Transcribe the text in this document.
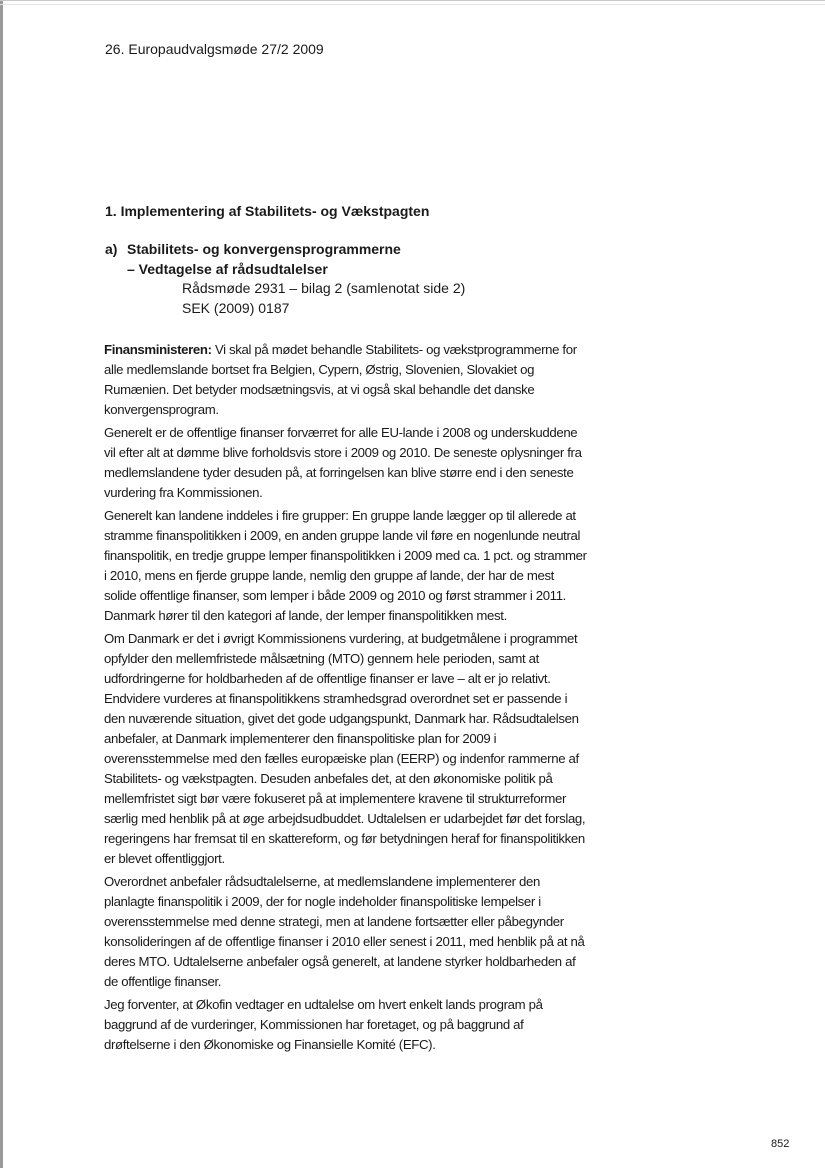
26. Europaudvalgsmøde 27/2 2009
1. Implementering af Stabilitets- og Vækstpagten
a) Stabilitets- og konvergensprogrammerne
– Vedtagelse af rådsudtalelser
Rådsmøde 2931 – bilag 2 (samlenotat side 2)
SEK (2009) 0187

Finansministeren: Vi skal på mødet behandle Stabilitets- og vækstprogrammerne for alle medlemslande bortset fra Belgien, Cypern, Østrig, Slovenien, Slovakiet og Rumænien. Det betyder modsætningsvis, at vi også skal behandle det danske konvergensprogram.

Generelt er de offentlige finanser forværret for alle EU-lande i 2008 og underskuddene vil efter alt at dømme blive forholdsvis store i 2009 og 2010. De seneste oplysninger fra medlemslandene tyder desuden på, at forringelsen kan blive større end i den seneste vurdering fra Kommissionen.

Generelt kan landene inddeles i fire grupper: En gruppe lande lægger op til allerede at stramme finanspolitikken i 2009, en anden gruppe lande vil føre en nogenlunde neutral finanspolitik, en tredje gruppe lemper finanspolitikken i 2009 med ca. 1 pct. og strammer i 2010, mens en fjerde gruppe lande, nemlig den gruppe af lande, der har de mest solide offentlige finanser, som lemper i både 2009 og 2010 og først strammer i 2011. Danmark hører til den kategori af lande, der lemper finanspolitikken mest.

Om Danmark er det i øvrigt Kommissionens vurdering, at budgetmålene i programmet opfylder den mellemfristede målsætning (MTO) gennem hele perioden, samt at udfordringerne for holdbarheden af de offentlige finanser er lave – alt er jo relativt. Endvidere vurderes at finanspolitikkens stramhedsgrad overordnet set er passende i den nuværende situation, givet det gode udgangspunkt, Danmark har. Rådsudtalelsen anbefaler, at Danmark implementerer den finanspolitiske plan for 2009 i overensstemmelse med den fælles europæiske plan (EERP) og indenfor rammerne af Stabilitets- og vækstpagten. Desuden anbefales det, at den økonomiske politik på mellemfristet sigt bør være fokuseret på at implementere kravene til strukturreformer særlig med henblik på at øge arbejdsudbuddet. Udtalelsen er udarbejdet før det forslag, regeringens har fremsat til en skattereform, og før betydningen heraf for finanspolitikken er blevet offentliggjort.

Overordnet anbefaler rådsudtalelserne, at medlemslandene implementerer den planlagte finanspolitik i 2009, der for nogle indeholder finanspolitiske lempelser i overensstemmelse med denne strategi, men at landene fortsætter eller påbegynder konsolideringen af de offentlige finanser i 2010 eller senest i 2011, med henblik på at nå deres MTO. Udtalelserne anbefaler også generelt, at landene styrker holdbarheden af de offentlige finanser.

Jeg forventer, at Økofin vedtager en udtalelse om hvert enkelt lands program på baggrund af de vurderinger, Kommissionen har foretaget, og på baggrund af drøftelserne i den Økonomiske og Finansielle Komité (EFC).

852
